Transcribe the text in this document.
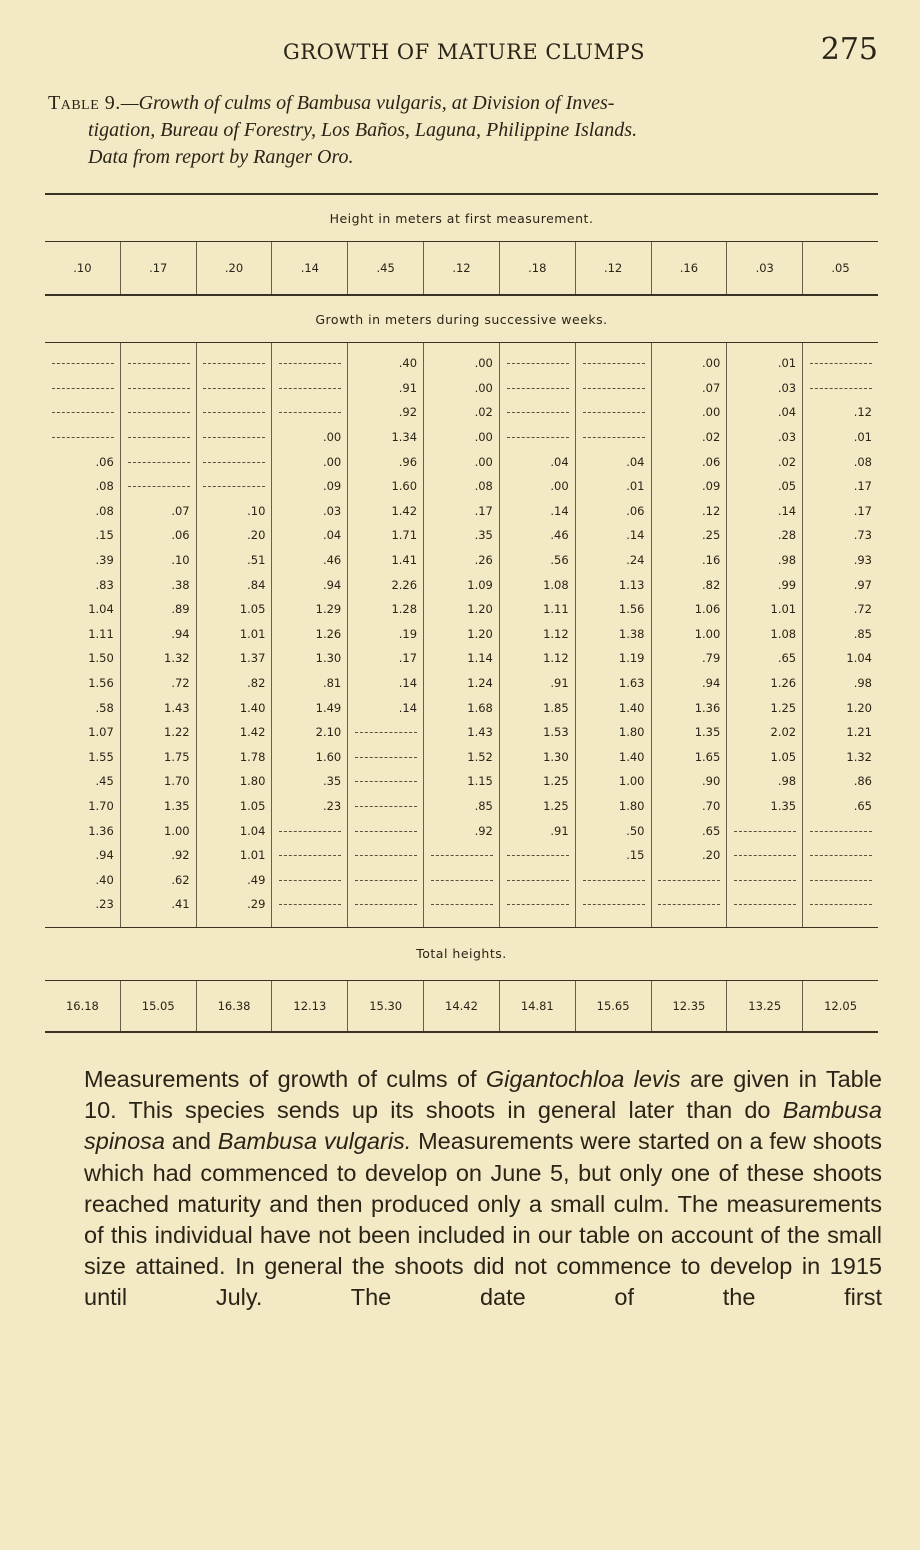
GROWTH OF MATURE CLUMPS	275
Table 9.—Growth of culms of Bambusa vulgaris, at Division of Inves-
tigation, Bureau of Forestry, Los Baños, Laguna, Philippine Islands.
Data from report by Ranger Oro.
Height in meters at first measurement.										
.10	.17	.20	.14	.45	.12	.18	.12	.16	.03	.05
Growth in meters during successive weeks.										
				.40	.00			.00	.01	
				.91	.00			.07	.03	
				.92	.02			.00	.04	.12
			.00	1.34	.00			.02	.03	.01
.06			.00	.96	.00	.04	.04	.06	.02	.08
.08			.09	1.60	.08	.00	.01	.09	.05	.17
.08	.07	.10	.03	1.42	.17	.14	.06	.12	.14	.17
.15	.06	.20	.04	1.71	.35	.46	.14	.25	.28	.73
.39	.10	.51	.46	1.41	.26	.56	.24	.16	.98	.93
.83	.38	.84	.94	2.26	1.09	1.08	1.13	.82	.99	.97
1.04	.89	1.05	1.29	1.28	1.20	1.11	1.56	1.06	1.01	.72
1.11	.94	1.01	1.26	.19	1.20	1.12	1.38	1.00	1.08	.85
1.50	1.32	1.37	1.30	.17	1.14	1.12	1.19	.79	.65	1.04
1.56	.72	.82	.81	.14	1.24	.91	1.63	.94	1.26	.98
.58	1.43	1.40	1.49	.14	1.68	1.85	1.40	1.36	1.25	1.20
1.07	1.22	1.42	2.10		1.43	1.53	1.80	1.35	2.02	1.21
1.55	1.75	1.78	1.60		1.52	1.30	1.40	1.65	1.05	1.32
.45	1.70	1.80	.35		1.15	1.25	1.00	.90	.98	.86
1.70	1.35	1.05	.23		.85	1.25	1.80	.70	1.35	.65
1.36	1.00	1.04			.92	.91	.50	.65		
.94	.92	1.01					.15	.20		
.40	.62	.49								
.23	.41	.29								
Total heights.										
16.18	15.05	16.38	12.13	15.30	14.42	14.81	15.65	12.35	13.25	12.05

Measurements of growth of culms of Gigantochloa levis are given in Table 10. This species sends up its shoots in general later than do Bambusa spinosa and Bambusa vulgaris. Measurements were started on a few shoots which had commenced to develop on June 5, but only one of these shoots reached maturity and then produced only a small culm. The measurements of this individual have not been included in our table on account of the small size attained. In general the shoots did not commence to develop in 1915 until July. The date of the first
